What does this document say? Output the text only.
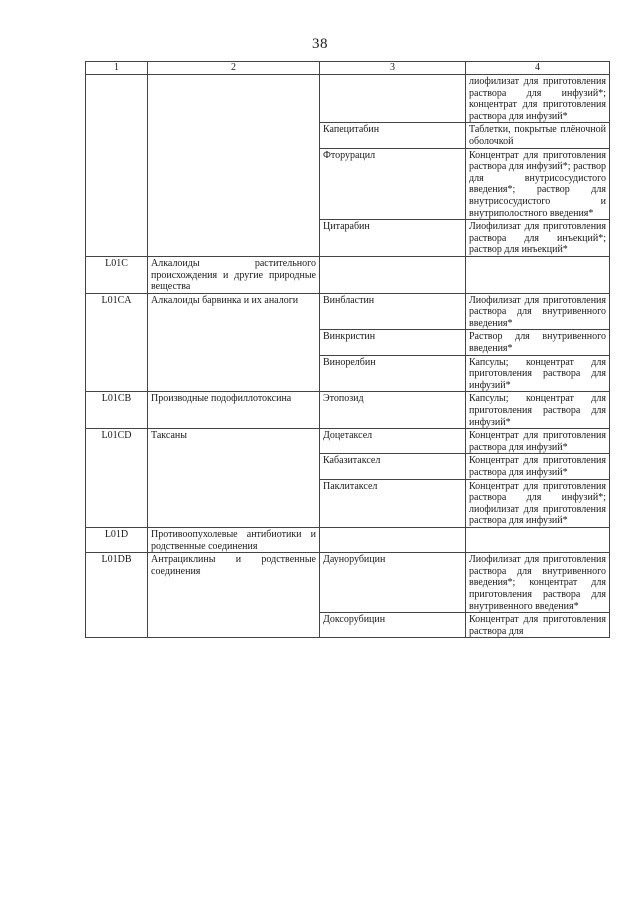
38
1	2	3	4
			лиофилизат для приготовления раствора для инфузий*; концентрат для приготовления раствора для инфузий*
		Капецитабин	Таблетки, покрытые плёночной оболочкой
		Фторурацил	Концентрат для приготовления раствора для инфузий*; раствор для внутрисосудистого введения*; раствор для внутрисосудистого и внутриполостного введения*
		Цитарабин	Лиофилизат для приготовления раствора для инъекций*; раствор для инъекций*
L01C	Алкалоиды растительного происхождения и другие природные вещества		
L01CA	Алкалоиды барвинка и их аналоги	Винбластин	Лиофилизат для приготовления раствора для внутривенного введения*
		Винкристин	Раствор для внутривенного введения*
		Винорелбин	Капсулы; концентрат для приготовления раствора для инфузий*
L01CB	Производные подофиллотоксина	Этопозид	Капсулы; концентрат для приготовления раствора для инфузий*
L01CD	Таксаны	Доцетаксел	Концентрат для приготовления раствора для инфузий*
		Кабазитаксел	Концентрат для приготовления раствора для инфузий*
		Паклитаксел	Концентрат для приготовления раствора для инфузий*; лиофилизат для приготовления раствора для инфузий*
L01D	Противоопухолевые антибиотики и родственные соединения		
L01DB	Антрациклины и родственные соединения	Даунорубицин	Лиофилизат для приготовления раствора для внутривенного введения*; концентрат для приготовления раствора для внутривенного введения*
		Доксорубицин	Концентрат для приготовления раствора для
